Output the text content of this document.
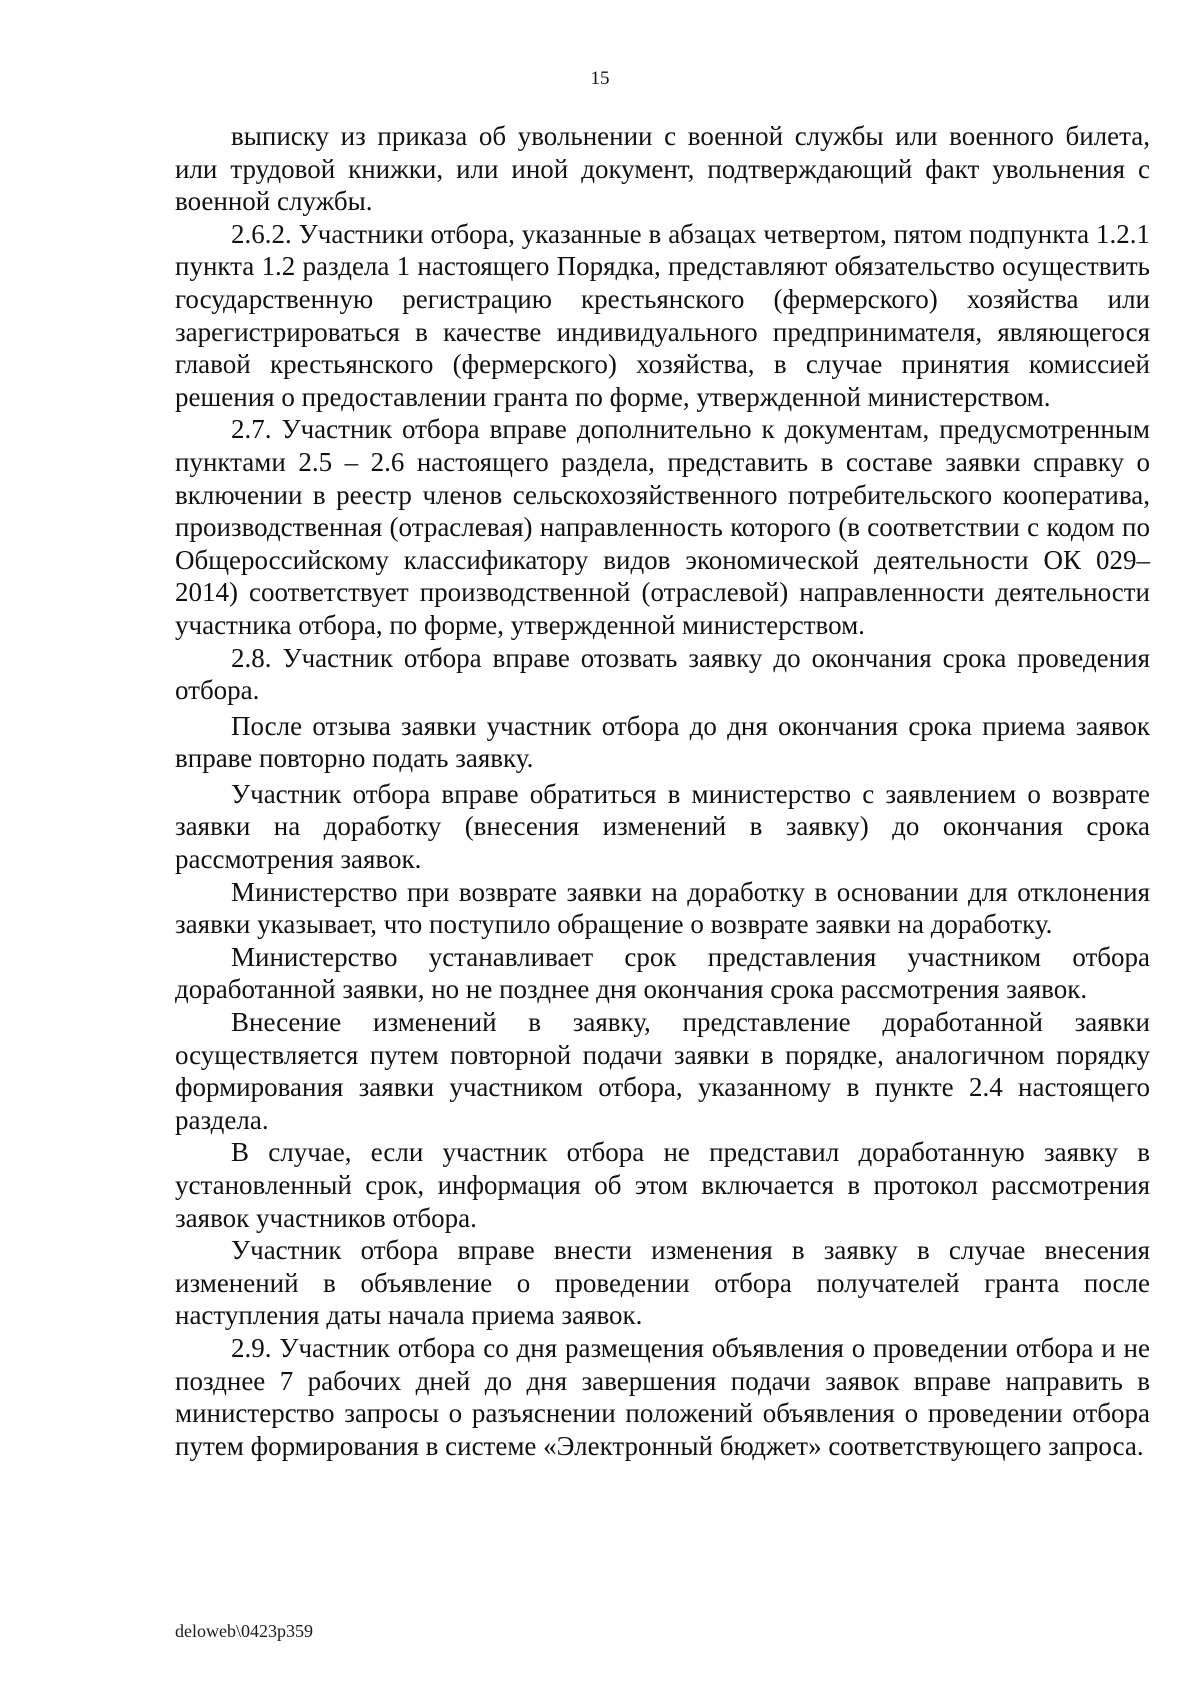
15

выписку из приказа об увольнении с военной службы или военного билета, или трудовой книжки, или иной документ, подтверждающий факт увольнения с военной службы.

2.6.2. Участники отбора, указанные в абзацах четвертом, пятом подпункта 1.2.1 пункта 1.2 раздела 1 настоящего Порядка, представляют обязательство осуществить государственную регистрацию крестьянского (фермерского) хозяйства или зарегистрироваться в качестве индивидуального предпринимателя, являющегося главой крестьянского (фермерского) хозяйства, в случае принятия комиссией решения о предоставлении гранта по форме, утвержденной министерством.

2.7. Участник отбора вправе дополнительно к документам, предусмотренным пунктами 2.5 – 2.6 настоящего раздела, представить в составе заявки справку о включении в реестр членов сельскохозяйственного потребительского кооператива, производственная (отраслевая) направленность которого (в соответствии с кодом по Общероссийскому классификатору видов экономической деятельности ОК 029–2014) соответствует производственной (отраслевой) направленности деятельности участника отбора, по форме, утвержденной министерством.

2.8. Участник отбора вправе отозвать заявку до окончания срока проведения отбора.

После отзыва заявки участник отбора до дня окончания срока приема заявок вправе повторно подать заявку.

Участник отбора вправе обратиться в министерство с заявлением о возврате заявки на доработку (внесения изменений в заявку) до окончания срока рассмотрения заявок.

Министерство при возврате заявки на доработку в основании для отклонения заявки указывает, что поступило обращение о возврате заявки на доработку.

Министерство устанавливает срок представления участником отбора доработанной заявки, но не позднее дня окончания срока рассмотрения заявок.

Внесение изменений в заявку, представление доработанной заявки осуществляется путем повторной подачи заявки в порядке, аналогичном порядку формирования заявки участником отбора, указанному в пункте 2.4 настоящего раздела.

В случае, если участник отбора не представил доработанную заявку в установленный срок, информация об этом включается в протокол рассмотрения заявок участников отбора.

Участник отбора вправе внести изменения в заявку в случае внесения изменений в объявление о проведении отбора получателей гранта после наступления даты начала приема заявок.

2.9. Участник отбора со дня размещения объявления о проведении отбора и не позднее 7 рабочих дней до дня завершения подачи заявок вправе направить в министерство запросы о разъяснении положений объявления о проведении отбора путем формирования в системе «Электронный бюджет» соответствующего запроса.

deloweb\0423p359
